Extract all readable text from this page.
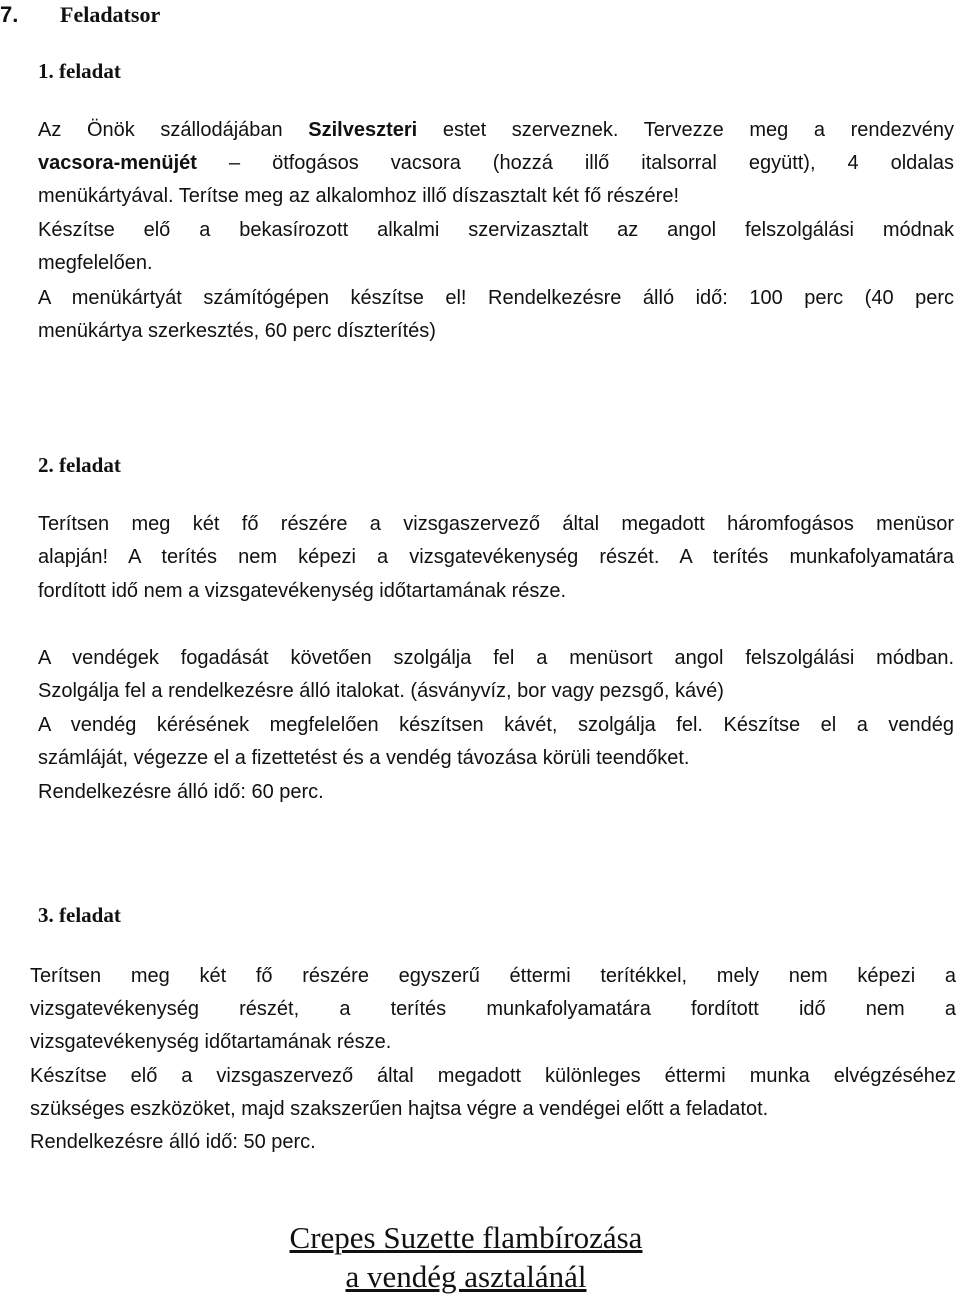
7. Feladatsor
1. feladat
Az Önök szállodájában Szilveszteri estet szerveznek. Tervezze meg a rendezvény
vacsora-menüjét – ötfogásos vacsora (hozzá illő italsorral együtt), 4 oldalas
menükártyával. Terítse meg az alkalomhoz illő díszasztalt két fő részére!
Készítse elő a bekasírozott alkalmi szervizasztalt az angol felszolgálási módnak
megfelelően.
A menükártyát számítógépen készítse el! Rendelkezésre álló idő: 100 perc (40 perc
menükártya szerkesztés, 60 perc díszterítés)
2. feladat
Terítsen meg két fő részére a vizsgaszervező által megadott háromfogásos menüsor
alapján! A terítés nem képezi a vizsgatevékenység részét. A terítés munkafolyamatára
fordított idő nem a vizsgatevékenység időtartamának része.
A vendégek fogadását követően szolgálja fel a menüsort angol felszolgálási módban.
Szolgálja fel a rendelkezésre álló italokat. (ásványvíz, bor vagy pezsgő, kávé)
A vendég kérésének megfelelően készítsen kávét, szolgálja fel. Készítse el a vendég
számláját, végezze el a fizettetést és a vendég távozása körüli teendőket.
Rendelkezésre álló idő: 60 perc.
3. feladat
Terítsen meg két fő részére egyszerű éttermi terítékkel, mely nem képezi a
vizsgatevékenység részét, a terítés munkafolyamatára fordított idő nem a
vizsgatevékenység időtartamának része.
Készítse elő a vizsgaszervező által megadott különleges éttermi munka elvégzéséhez
szükséges eszközöket, majd szakszerűen hajtsa végre a vendégei előtt a feladatot.
Rendelkezésre álló idő: 50 perc.
Crepes Suzette flambírozása
a vendég asztalánál
